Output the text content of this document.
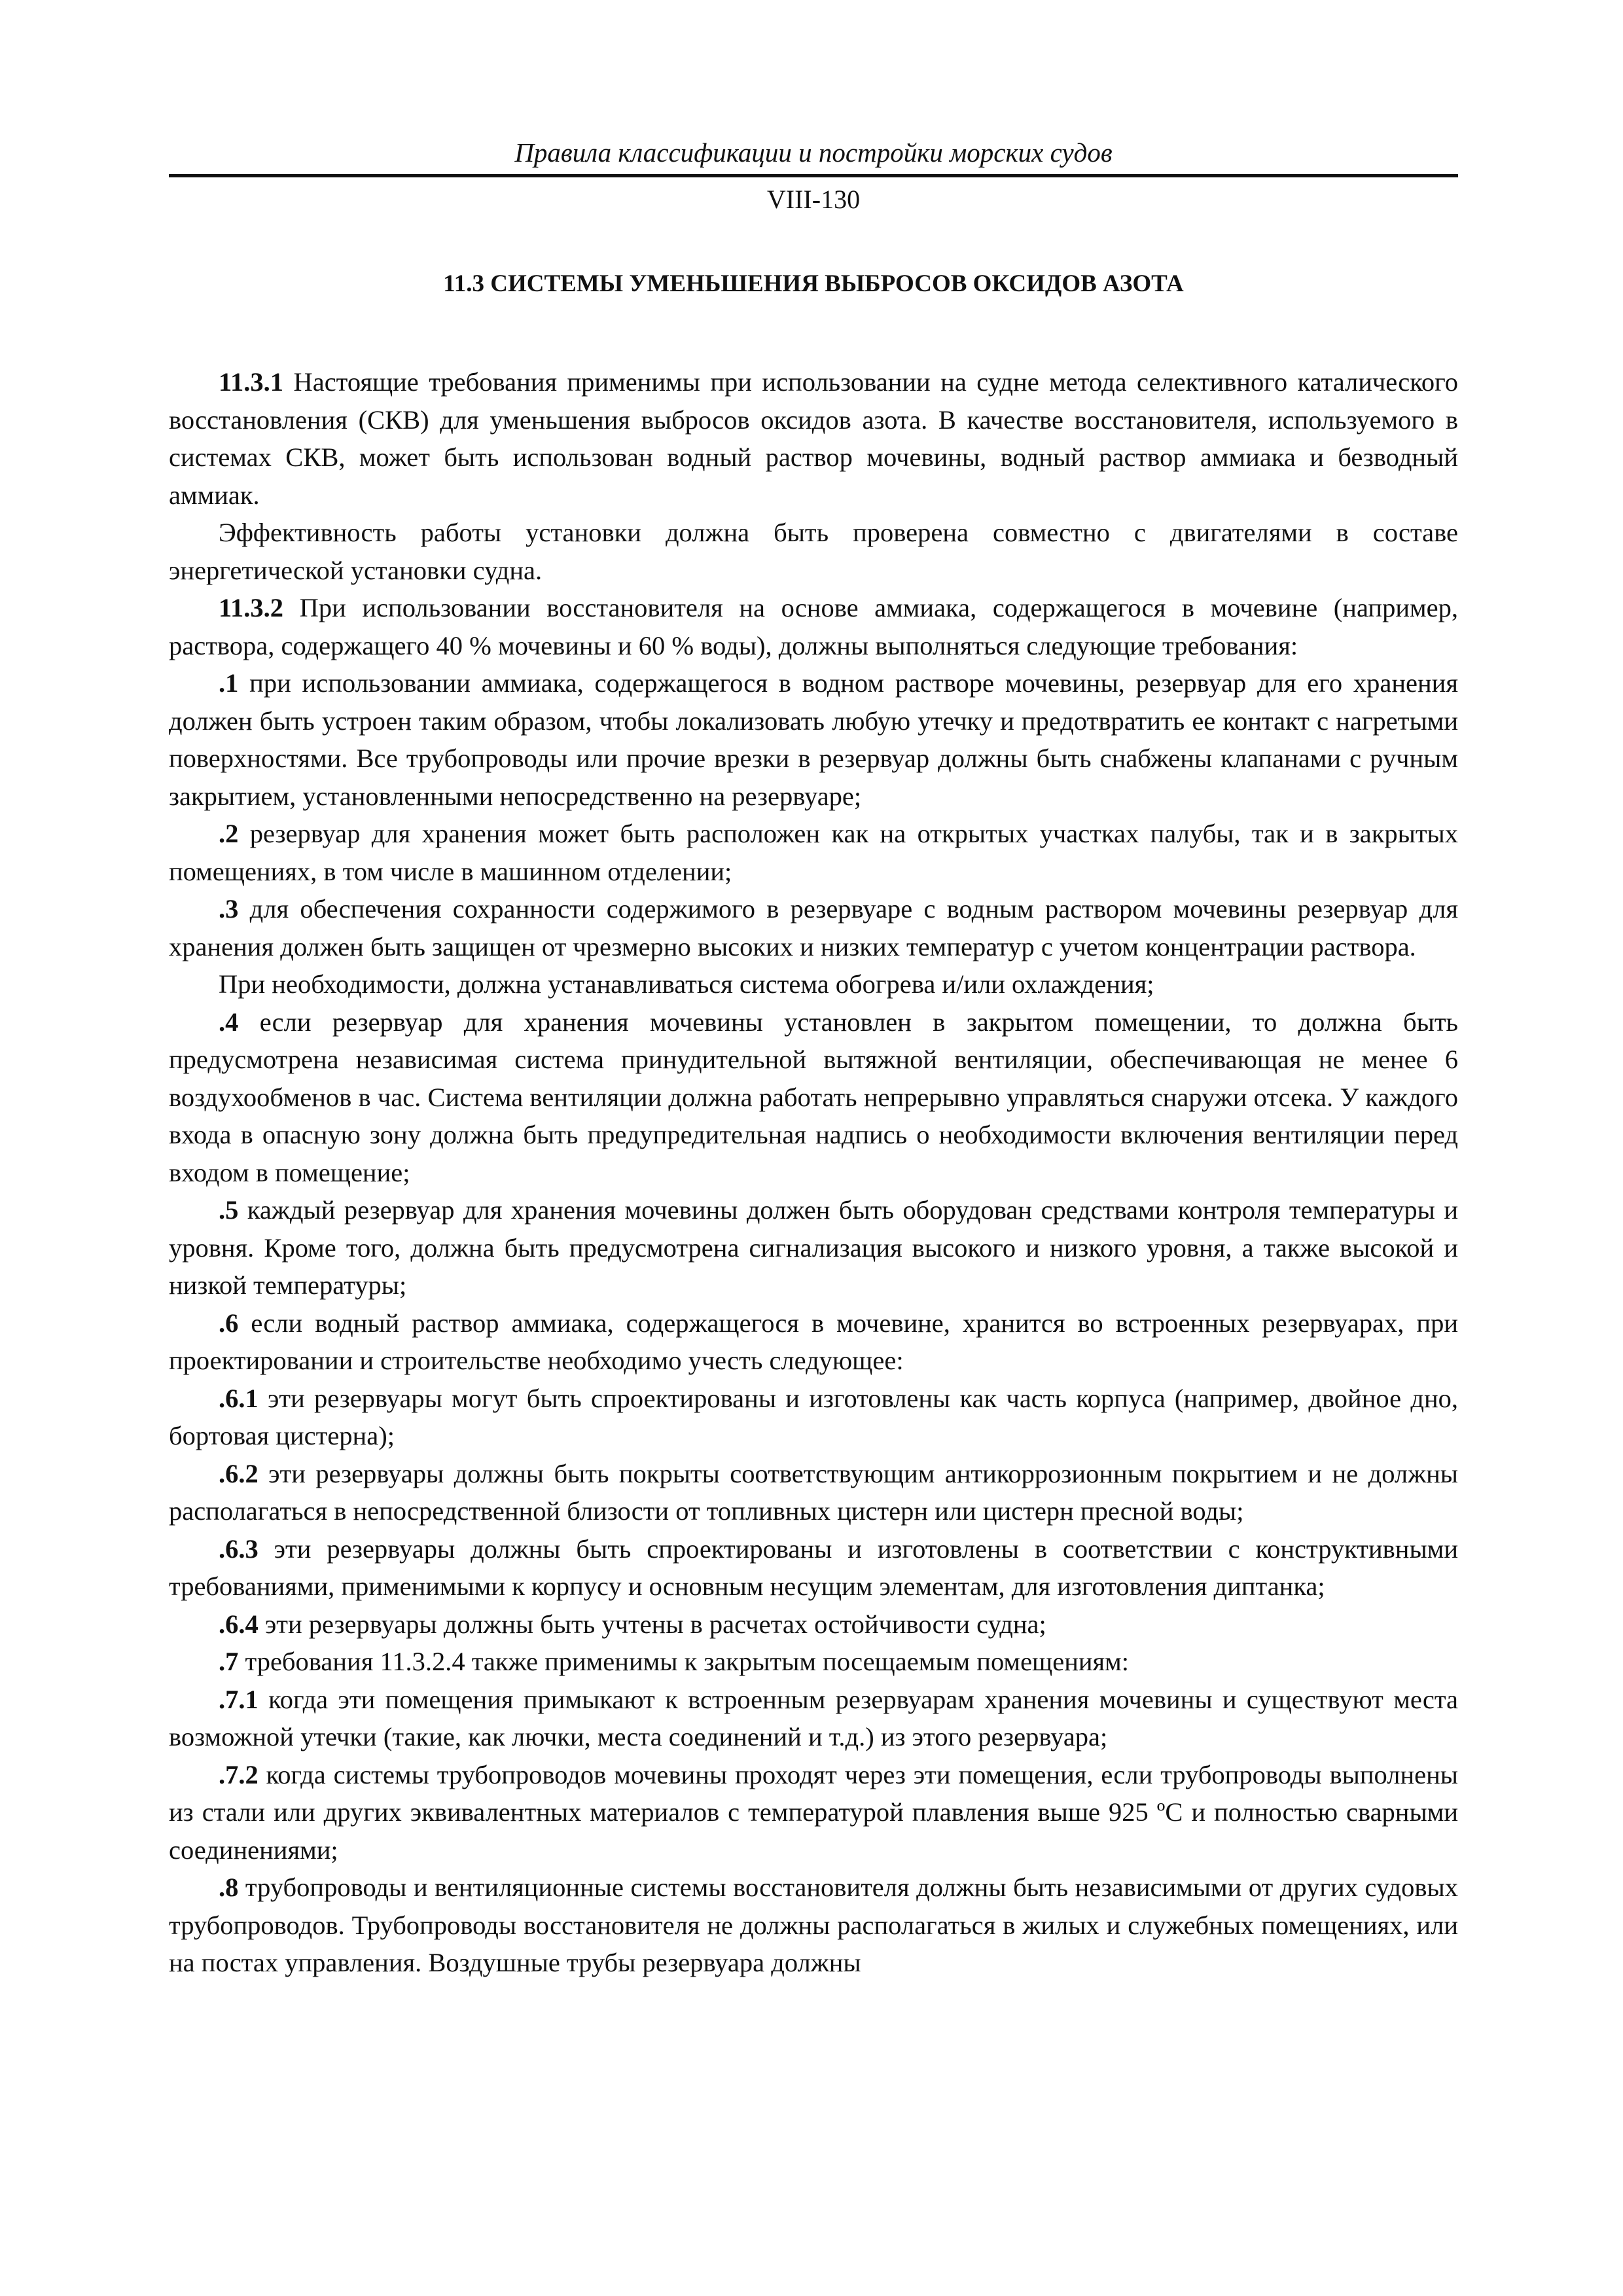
Правила классификации и постройки морских судов
VIII-130
11.3 СИСТЕМЫ УМЕНЬШЕНИЯ ВЫБРОСОВ ОКСИДОВ АЗОТА

11.3.1 Настоящие требования применимы при использовании на судне метода селективного каталического восстановления (СКВ) для уменьшения выбросов оксидов азота. В качестве восстановителя, используемого в системах СКВ, может быть использован водный раствор мочевины, водный раствор аммиака и безводный аммиак.

Эффективность работы установки должна быть проверена совместно с двигателями в составе энергетической установки судна.

11.3.2 При использовании восстановителя на основе аммиака, содержащегося в мочевине (например, раствора, содержащего 40 % мочевины и 60 % воды), должны выполняться следующие требования:

.1 при использовании аммиака, содержащегося в водном растворе мочевины, резервуар для его хранения должен быть устроен таким образом, чтобы локализовать любую утечку и предотвратить ее контакт с нагретыми поверхностями. Все трубопроводы или прочие врезки в резервуар должны быть снабжены клапанами с ручным закрытием, установленными непосредственно на резервуаре;

.2 резервуар для хранения может быть расположен как на открытых участках палубы, так и в закрытых помещениях, в том числе в машинном отделении;

.3 для обеспечения сохранности содержимого в резервуаре с водным раствором мочевины резервуар для хранения должен быть защищен от чрезмерно высоких и низких температур с учетом концентрации раствора.

При необходимости, должна устанавливаться система обогрева и/или охлаждения;

.4 если резервуар для хранения мочевины установлен в закрытом помещении, то должна быть предусмотрена независимая система принудительной вытяжной вентиляции, обеспечивающая не менее 6 воздухообменов в час. Система вентиляции должна работать непрерывно управляться снаружи отсека. У каждого входа в опасную зону должна быть предупредительная надпись о необходимости включения вентиляции перед входом в помещение;

.5 каждый резервуар для хранения мочевины должен быть оборудован средствами контроля температуры и уровня. Кроме того, должна быть предусмотрена сигнализация высокого и низкого уровня, а также высокой и низкой температуры;

.6 если водный раствор аммиака, содержащегося в мочевине, хранится во встроенных резервуарах, при проектировании и строительстве необходимо учесть следующее:

.6.1 эти резервуары могут быть спроектированы и изготовлены как часть корпуса (например, двойное дно, бортовая цистерна);

.6.2 эти резервуары должны быть покрыты соответствующим антикоррозионным покрытием и не должны располагаться в непосредственной близости от топливных цистерн или цистерн пресной воды;

.6.3 эти резервуары должны быть спроектированы и изготовлены в соответствии с конструктивными требованиями, применимыми к корпусу и основным несущим элементам, для изготовления диптанка;

.6.4 эти резервуары должны быть учтены в расчетах остойчивости судна;

.7 требования 11.3.2.4 также применимы к закрытым посещаемым помещениям:

.7.1 когда эти помещения примыкают к встроенным резервуарам хранения мочевины и существуют места возможной утечки (такие, как лючки, места соединений и т.д.) из этого резервуара;

.7.2 когда системы трубопроводов мочевины проходят через эти помещения, если трубопроводы выполнены из стали или других эквивалентных материалов с температурой плавления выше 925 ºС и полностью сварными соединениями;

.8 трубопроводы и вентиляционные системы восстановителя должны быть независимыми от других судовых трубопроводов. Трубопроводы восстановителя не должны располагаться в жилых и служебных помещениях, или на постах управления. Воздушные трубы резервуара должны
